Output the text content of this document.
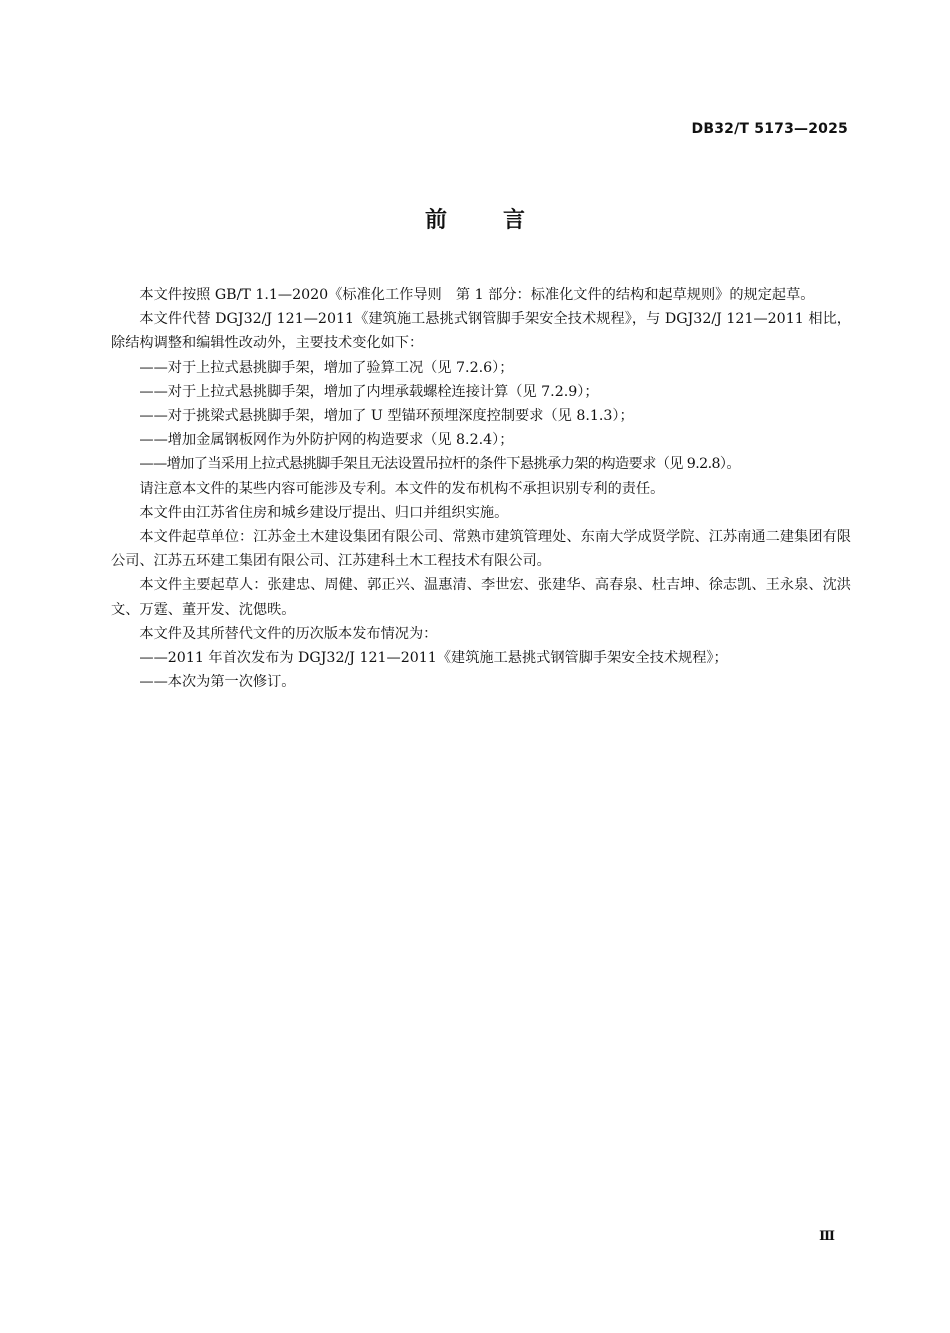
DB32/T 5173—2025
前言

本文件按照 GB/T 1.1—2020《标准化工作导则　第 1 部分：标准化文件的结构和起草规则》的规定起草。

本文件代替 DGJ32/J 121—2011《建筑施工悬挑式钢管脚手架安全技术规程》，与 DGJ32/J 121—2011 相比，除结构调整和编辑性改动外，主要技术变化如下：

——对于上拉式悬挑脚手架，增加了验算工况（见 7.2.6）；

——对于上拉式悬挑脚手架，增加了内埋承载螺栓连接计算（见 7.2.9）；

——对于挑梁式悬挑脚手架，增加了 U 型锚环预埋深度控制要求（见 8.1.3）；

——增加金属钢板网作为外防护网的构造要求（见 8.2.4）；

——增加了当采用上拉式悬挑脚手架且无法设置吊拉杆的条件下悬挑承力架的构造要求（见 9.2.8）。

请注意本文件的某些内容可能涉及专利。本文件的发布机构不承担识别专利的责任。

本文件由江苏省住房和城乡建设厅提出、归口并组织实施。

本文件起草单位：江苏金土木建设集团有限公司、常熟市建筑管理处、东南大学成贤学院、江苏南通二建集团有限公司、江苏五环建工集团有限公司、江苏建科土木工程技术有限公司。

本文件主要起草人：张建忠、周健、郭正兴、温惠清、李世宏、张建华、高春泉、杜吉坤、徐志凯、王永泉、沈洪文、万霆、董开发、沈偲昳。

本文件及其所替代文件的历次版本发布情况为：

——2011 年首次发布为 DGJ32/J 121—2011《建筑施工悬挑式钢管脚手架安全技术规程》；

——本次为第一次修订。

Ⅲ
